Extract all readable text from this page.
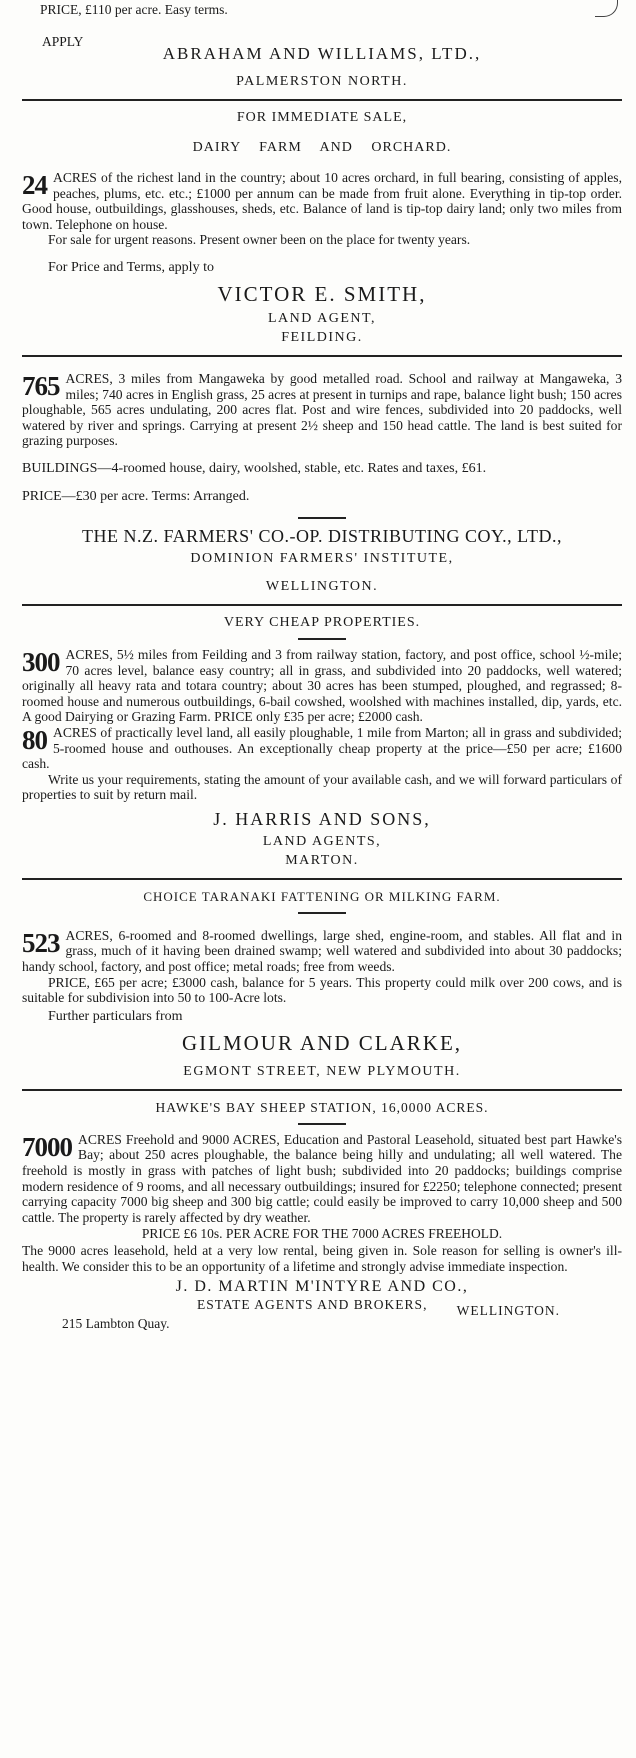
PRICE, £110 per acre. Easy terms.

APPLY
ABRAHAM AND WILLIAMS, LTD.,
PALMERSTON NORTH.
FOR IMMEDIATE SALE,
DAIRY FARM AND ORCHARD.

24 ACRES of the richest land in the country; about 10 acres orchard, in full bearing, consisting of apples, peaches, plums, etc. etc.; £1000 per annum can be made from fruit alone. Everything in tip-top order. Good house, outbuildings, glasshouses, sheds, etc. Balance of land is tip-top dairy land; only two miles from town. Telephone on house.

For sale for urgent reasons. Present owner been on the place for twenty years.

For Price and Terms, apply to
VICTOR E. SMITH,
LAND AGENT,
FEILDING.

765 ACRES, 3 miles from Mangaweka by good metalled road. School and railway at Mangaweka, 3 miles; 740 acres in English grass, 25 acres at present in turnips and rape, balance light bush; 150 acres ploughable, 565 acres undulating, 200 acres flat. Post and wire fences, subdivided into 20 paddocks, well watered by river and springs. Carrying at present 2½ sheep and 150 head cattle. The land is best suited for grazing purposes.

BUILDINGS—4-roomed house, dairy, woolshed, stable, etc. Rates and taxes, £61.
PRICE—£30 per acre. Terms: Arranged.
THE N.Z. FARMERS' CO.-OP. DISTRIBUTING COY., LTD.,
DOMINION FARMERS' INSTITUTE,
WELLINGTON.
VERY CHEAP PROPERTIES.

300 ACRES, 5½ miles from Feilding and 3 from railway station, factory, and post office, school ½-mile; 70 acres level, balance easy country; all in grass, and subdivided into 20 paddocks, well watered; originally all heavy rata and totara country; about 30 acres has been stumped, ploughed, and regrassed; 8-roomed house and numerous outbuildings, 6-bail cowshed, woolshed with machines installed, dip, yards, etc. A good Dairying or Grazing Farm. PRICE only £35 per acre; £2000 cash.

80 ACRES of practically level land, all easily ploughable, 1 mile from Marton; all in grass and subdivided; 5-roomed house and outhouses. An exceptionally cheap property at the price—£50 per acre; £1600 cash.

Write us your requirements, stating the amount of your available cash, and we will forward particulars of properties to suit by return mail.

J. HARRIS AND SONS,
LAND AGENTS,
MARTON.
CHOICE TARANAKI FATTENING OR MILKING FARM.

523 ACRES, 6-roomed and 8-roomed dwellings, large shed, engine-room, and stables. All flat and in grass, much of it having been drained swamp; well watered and subdivided into about 30 paddocks; handy school, factory, and post office; metal roads; free from weeds.

PRICE, £65 per acre; £3000 cash, balance for 5 years. This property could milk over 200 cows, and is suitable for subdivision into 50 to 100-Acre lots.

Further particulars from
GILMOUR AND CLARKE,
EGMONT STREET, NEW PLYMOUTH.
HAWKE'S BAY SHEEP STATION, 16,0000 ACRES.

7000 ACRES Freehold and 9000 ACRES, Education and Pastoral Leasehold, situated best part Hawke's Bay; about 250 acres ploughable, the balance being hilly and undulating; all well watered. The freehold is mostly in grass with patches of light bush; subdivided into 20 paddocks; buildings comprise modern residence of 9 rooms, and all necessary outbuildings; insured for £2250; telephone connected; present carrying capacity 7000 big sheep and 300 big cattle; could easily be improved to carry 10,000 sheep and 500 cattle. The property is rarely affected by dry weather.

PRICE £6 10s. PER ACRE FOR THE 7000 ACRES FREEHOLD.

The 9000 acres leasehold, held at a very low rental, being given in. Sole reason for selling is owner's ill-health. We consider this to be an opportunity of a lifetime and strongly advise immediate inspection.

J. D. MARTIN M'INTYRE AND CO.,
ESTATE AGENTS AND BROKERS, WELLINGTON.
215 Lambton Quay.
